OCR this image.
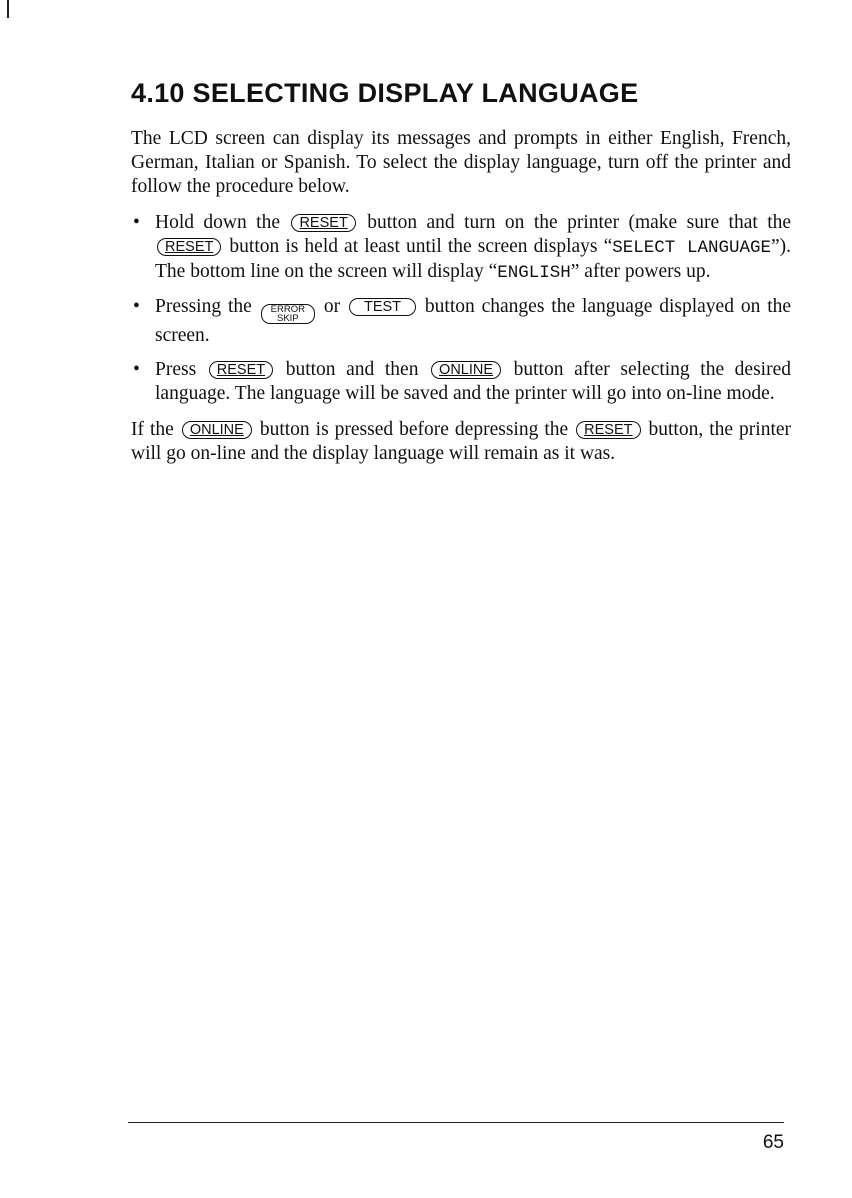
4.10 SELECTING DISPLAY LANGUAGE

The LCD screen can display its messages and prompts in either English, French, German, Italian or Spanish. To select the display language, turn off the printer and follow the procedure below.

• Hold down the RESET button and turn on the printer (make sure that the RESET button is held at least until the screen displays “SELECT LANGUAGE”). The bottom line on the screen will display “ENGLISH” after powers up.
• Pressing the ERROR
SKIP
or TEST button changes the language displayed on the screen.
• Press RESET button and then ONLINE button after selecting the desired language. The language will be saved and the printer will go into on-line mode.

If the ONLINE button is pressed before depressing the RESET button, the printer will go on-line and the display language will remain as it was.

65
